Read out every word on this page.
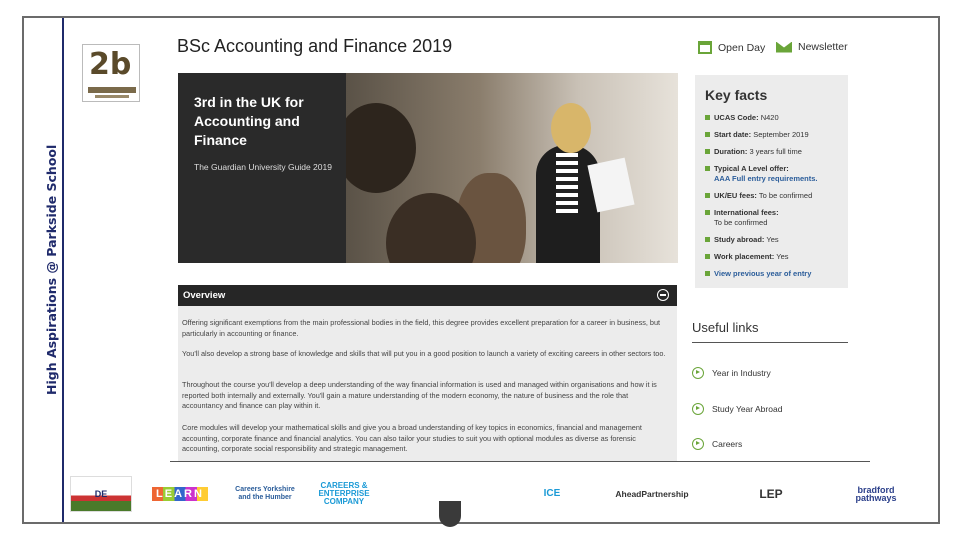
High Aspirations @ Parkside School
2b
BSc Accounting and Finance 2019	Open Day	Newsletter
3rd in the UK for Accounting and Finance
The Guardian University Guide 2019
Key facts
UCAS Code: N420
Start date: September 2019
Duration: 3 years full time
Typical A Level offer:
AAA Full entry requirements.
UK/EU fees: To be confirmed
International fees:
To be confirmed
Study abroad: Yes
Work placement: Yes
View previous year of entry
Overview

Offering significant exemptions from the main professional bodies in the field, this degree provides excellent preparation for a career in business, but particularly in accounting or finance.

You'll also develop a strong base of knowledge and skills that will put you in a good position to launch a variety of exciting careers in other sectors too.

Throughout the course you'll develop a deep understanding of the way financial information is used and managed within organisations and how it is reported both internally and externally. You'll gain a mature understanding of the modern economy, the nature of business and the role that accountancy and finance can play within it.

Core modules will develop your mathematical skills and give you a broad understanding of key topics in economics, financial and management accounting, corporate finance and financial analytics. You can also tailor your studies to suit you with optional modules as diverse as forensic accounting, corporate social responsibility and strategic management.

Useful links
Year in Industry
Study Year Abroad
Careers
DE	LEARN	Careers Yorkshire and the Humber
CAREERS & ENTERPRISE COMPANY
ICE	AheadPartnership	LEP	bradford pathways
